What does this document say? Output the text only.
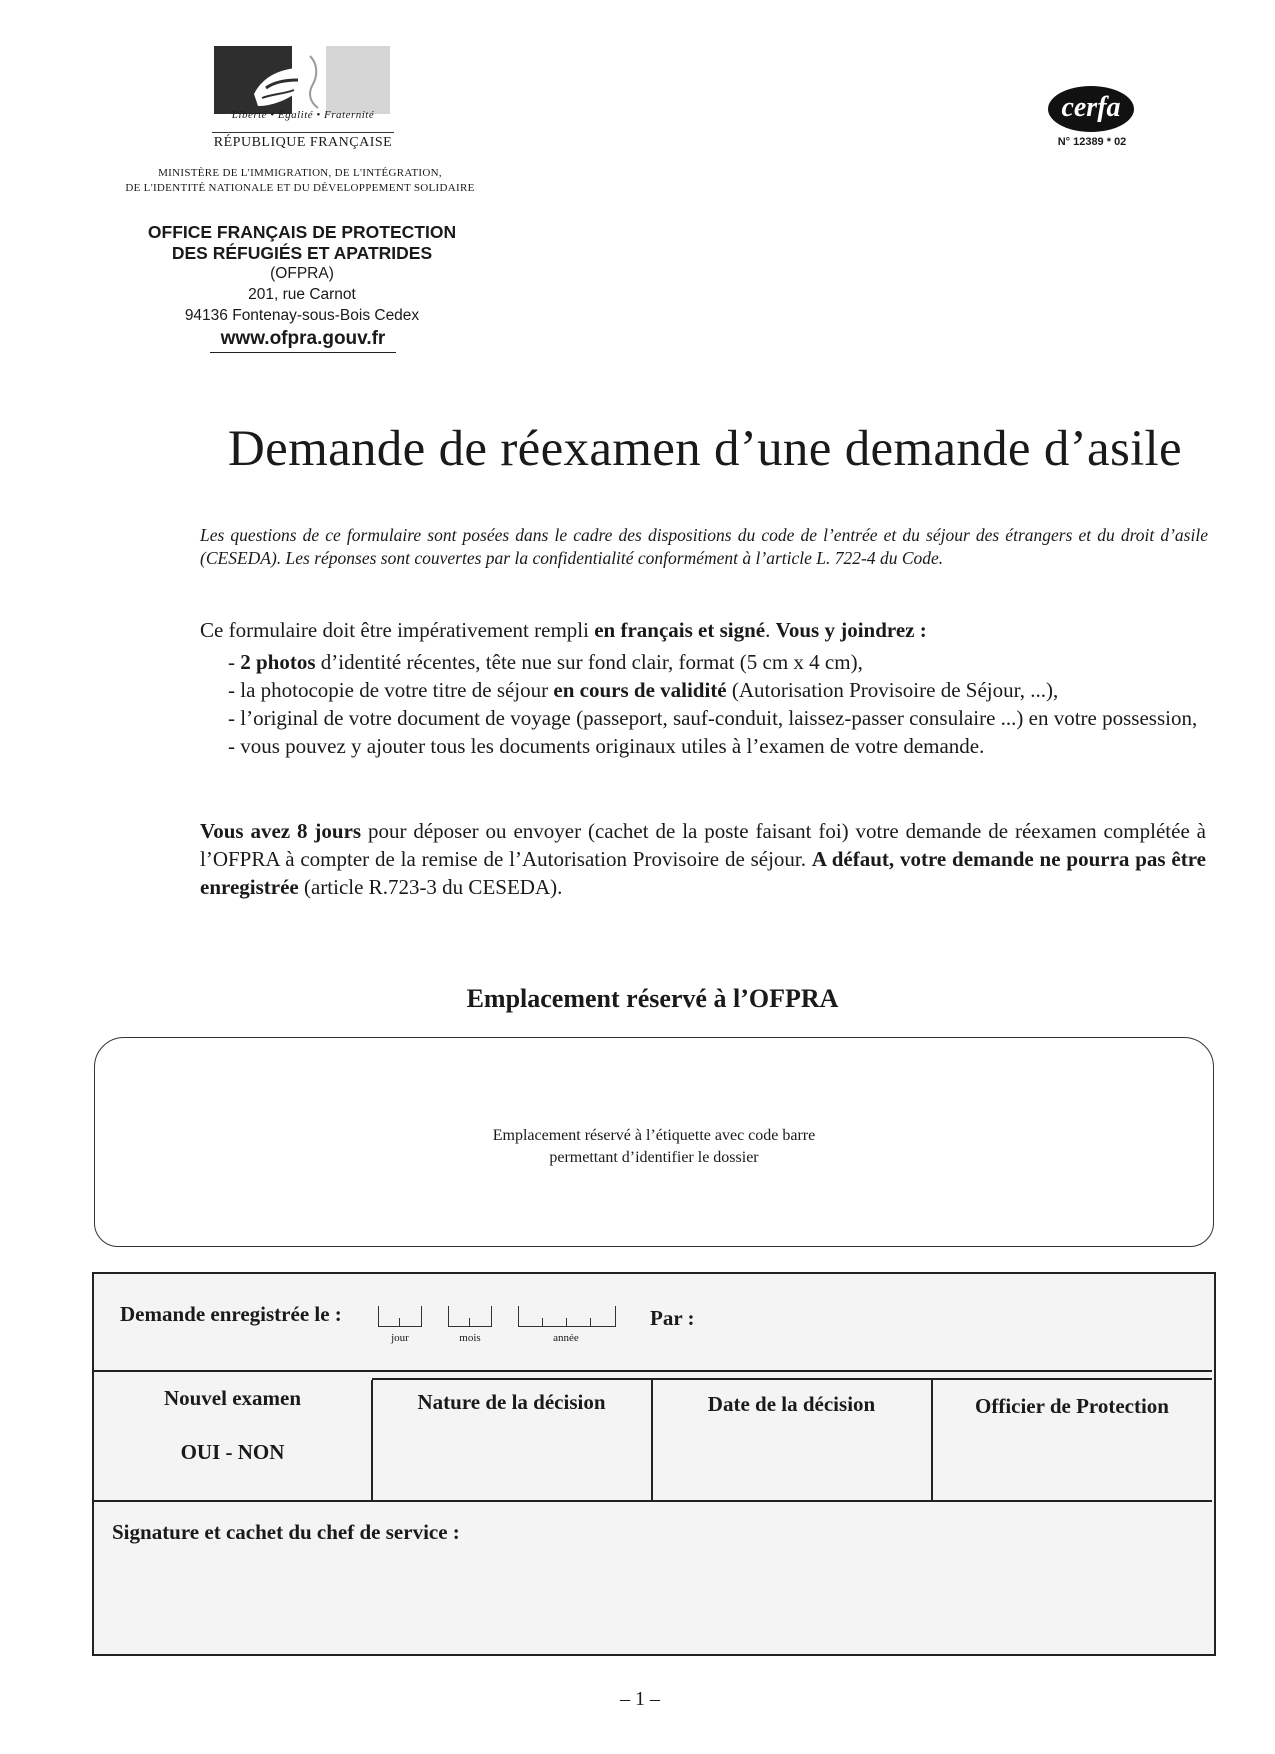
Liberté • Égalité • Fraternité
RÉPUBLIQUE FRANÇAISE
MINISTÈRE DE L'IMMIGRATION, DE L'INTÉGRATION,
DE L'IDENTITÉ NATIONALE ET DU DÉVELOPPEMENT SOLIDAIRE
OFFICE FRANÇAIS DE PROTECTION
DES RÉFUGIÉS ET APATRIDES
(OFPRA)
201, rue Carnot
94136 Fontenay-sous-Bois Cedex
www.ofpra.gouv.fr
cerfa
N° 12389 * 02
Demande de réexamen d’une demande d’asile
Les questions de ce formulaire sont posées dans le cadre des dispositions du code de l’entrée et du séjour des étrangers et du droit d’asile (CESEDA). Les réponses sont couvertes par la confidentialité conformément à l’article L. 722-4 du Code.
Ce formulaire doit être impérativement rempli en français et signé. Vous y joindrez :
- 2 photos d’identité récentes, tête nue sur fond clair, format (5 cm x 4 cm),
- la photocopie de votre titre de séjour en cours de validité (Autorisation Provisoire de Séjour, ...),
- l’original de votre document de voyage (passeport, sauf-conduit, laissez-passer consulaire ...) en votre possession,
- vous pouvez y ajouter tous les documents originaux utiles à l’examen de votre demande.
Vous avez 8 jours pour déposer ou envoyer (cachet de la poste faisant foi) votre demande de réexamen complétée à l’OFPRA à compter de la remise de l’Autorisation Provisoire de séjour. A défaut, votre demande ne pourra pas être enregistrée (article R.723-3 du CESEDA).
Emplacement réservé à l’OFPRA
Emplacement réservé à l’étiquette avec code barre
permettant d’identifier le dossier
Demande enregistrée le :
jour	mois	année
Par :
Nouvel examen
OUI - NON
Nature de la décision	Date de la décision	Officier de Protection
Signature et cachet du chef de service :
– 1 –
